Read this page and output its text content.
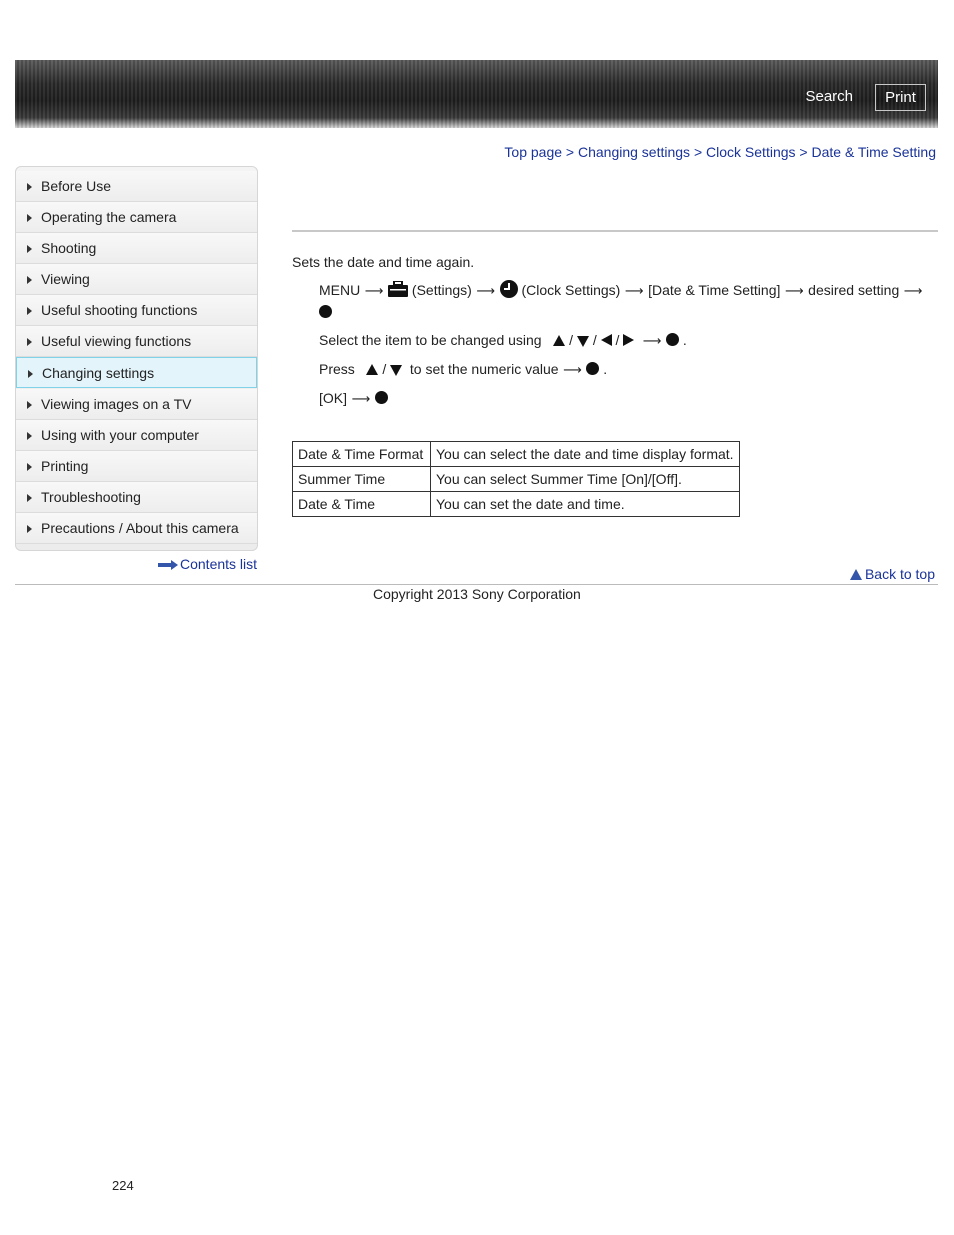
Search	Print
Top page > Changing settings > Clock Settings > Date & Time Setting
Before Use
Operating the camera
Shooting
Viewing
Useful shooting functions
Useful viewing functions
Changing settings
Viewing images on a TV
Using with your computer
Printing
Troubleshooting
Precautions / About this camera
Contents list
Sets the date and time again.
MENU ⟶ (Settings) ⟶ (Clock Settings) ⟶ [Date & Time Setting] ⟶ desired setting ⟶
Select the item to be changed using / / / ⟶ .
Press / to set the numeric value ⟶ .
[OK] ⟶
Date & Time Format	You can select the date and time display format.
Summer Time	You can select Summer Time [On]/[Off].
Date & Time	You can set the date and time.
Back to top
Copyright 2013 Sony Corporation
224
